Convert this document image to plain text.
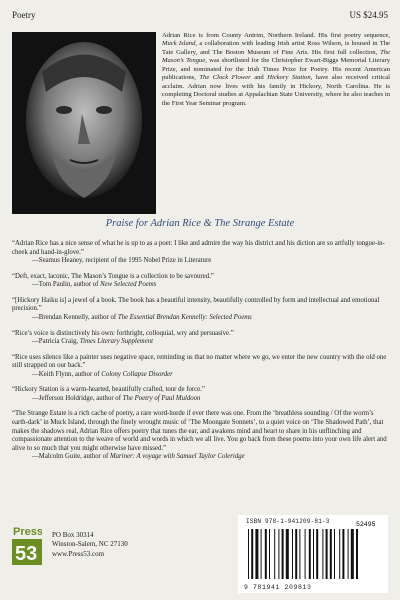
Poetry	US $24.95
Adrian Rice is from County Antrim, Northern Ireland. His first poetry sequence, Muck Island, a collaboration with leading Irish artist Ross Wilson, is housed in The Tate Gallery, and The Boston Museum of Fine Arts. His first full collection, The Mason’s Tongue, was shortlisted for the Christopher Ewart-Biggs Memorial Literary Prize, and nominated for the Irish Times Prize for Poetry. His recent American publications, The Clock Flower and Hickory Station, have also received critical acclaim. Adrian now lives with his family in Hickory, North Carolina. He is completing Doctoral studies at Appalachian State University, where he also teaches in the First Year Seminar program.
Praise for Adrian Rice & The Strange Estate
“Adrian Rice has a nice sense of what he is up to as a poet: I like and admire the way his district and his diction are so artfully tongue-in-cheek and hand-in-glove.”
—Seamus Heaney, recipient of the 1995 Nobel Prize in Literature
“Deft, exact, laconic, The Mason’s Tongue is a collection to be savoured.”
—Tom Paulin, author of New Selected Poems
“[Hickory Haiku is] a jewel of a book. The book has a beautiful intensity, beautifully controlled by form and intellectual and emotional precision.”
—Brendan Kennelly, author of The Essential Brendan Kennelly: Selected Poems
“Rice’s voice is distinctively his own: forthright, colloquial, wry and persuasive.”
—Patricia Craig, Times Literary Supplement
“Rice uses silence like a painter uses negative space, reminding us that no matter where we go, we enter the new country with the old one still strapped on our back.”
—Keith Flynn, author of Colony Collapse Disorder
“Hickory Station is a warm-hearted, beautifully crafted, tour de force.”
—Jefferson Holdridge, author of The Poetry of Paul Muldoon
“The Strange Estate is a rich cache of poetry, a rare word-horde if ever there was one. From the ‘breathless sounding / Of the worm’s earth-dark’ in Muck Island, through the finely wrought music of ‘The Moongate Sonnets’, to a quiet voice on ‘The Shadowed Path’, that makes the shadows real, Adrian Rice offers poetry that tunes the ear, and awakens mind and heart to share in his unflinching and compassionate attention to the weave of world and words in which we all live. You go back from these poems into your own life alert and alive to so much that you might otherwise have missed.”
—Malcolm Guite, author of Mariner: A voyage with Samuel Taylor Coleridge
Press
53
PO Box 30314
Winston-Salem, NC 27130
www.Press53.com
ISBN 978-1-941209-81-3	52495
9 781941 209813
